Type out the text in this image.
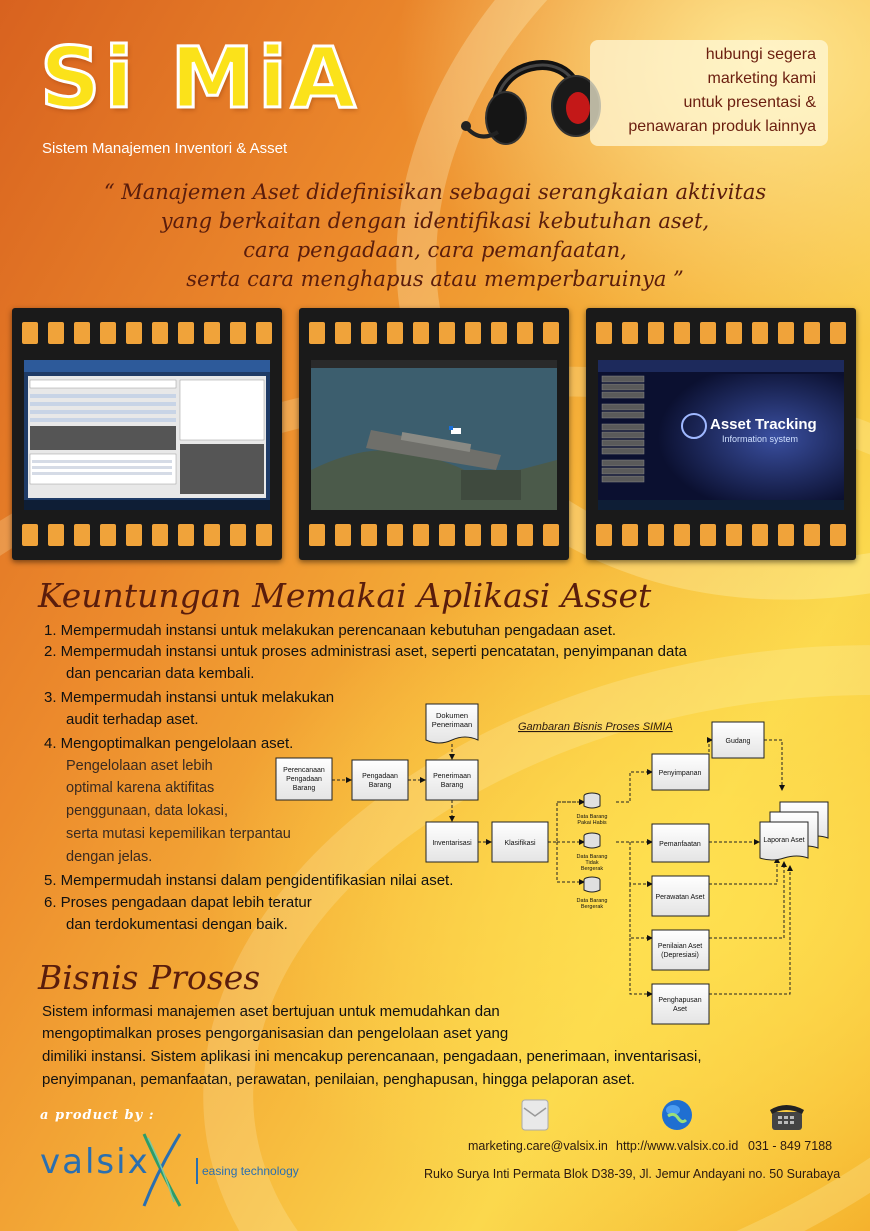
Si MiA
Sistem Manajemen Inventori & Asset
hubungi segera
marketing kami
untuk presentasi &
penawaran produk lainnya
“ Manajemen Aset didefinisikan sebagai serangkaian aktivitas
yang berkaitan dengan identifikasi kebutuhan aset,
cara pengadaan, cara pemanfaatan,
serta cara menghapus atau memperbaruinya ”
Asset Tracking
Information system
Keuntungan Memakai Aplikasi Asset
1. Mempermudah instansi untuk melakukan perencanaan kebutuhan pengadaan aset.
2. Mempermudah instansi untuk proses administrasi aset, seperti pencatatan, penyimpanan data
dan pencarian data kembali.
3. Mempermudah instansi untuk melakukan
audit terhadap aset.
4. Mengoptimalkan pengelolaan aset.
Pengelolaan aset lebih
optimal karena aktifitas
penggunaan, data lokasi,
serta mutasi kepemilikan terpantau
dengan jelas.
5. Mempermudah instansi dalam pengidentifikasian nilai aset.
6. Proses pengadaan dapat lebih teratur
dan terdokumentasi dengan baik.
Gambaran Bisnis Proses SIMIA
Dokumen
Penerimaan
Perencanaan
Pengadaan
Barang
Pengadaan
Barang
Penerimaan
Barang
Inventarisasi	Klasifikasi
Data Barang
Pakai Habis
Data Barang
Tidak
Bergerak
Data Barang
Bergerak
Gudang
Penyimpanan
Pemanfaatan
Perawatan Aset
Penilaian Aset
(Depresiasi)
Penghapusan
Aset
Laporan Aset
Bisnis Proses
Sistem informasi manajemen aset bertujuan untuk memudahkan dan
mengoptimalkan proses pengorganisasian dan pengelolaan aset yang
dimiliki instansi. Sistem aplikasi ini mencakup perencanaan, pengadaan, penerimaan, inventarisasi,
penyimpanan, pemanfaatan, perawatan, penilaian, penghapusan, hingga pelaporan aset.
a product by :
valsix	easing technology
marketing.care@valsix.in http://www.valsix.co.id 031 - 849 7188
Ruko Surya Inti Permata Blok D38-39, Jl. Jemur Andayani no. 50 Surabaya
